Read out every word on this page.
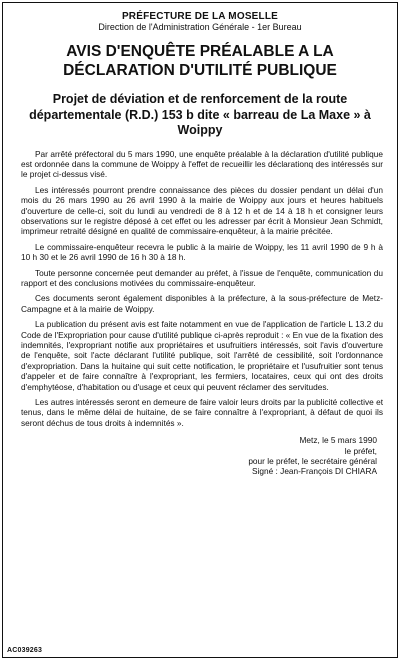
PRÉFECTURE DE LA MOSELLE
Direction de l'Administration Générale - 1er Bureau
AVIS D'ENQUÊTE PRÉALABLE A LA DÉCLARATION D'UTILITÉ PUBLIQUE
Projet de déviation et de renforcement de la route départementale (R.D.) 153 b dite « barreau de La Maxe » à Woippy

Par arrêté préfectoral du 5 mars 1990, une enquête préalable à la déclaration d'utilité publique est ordonnée dans la commune de Woippy à l'effet de recueillir les déclarationq des intéressés sur le projet ci-dessus visé.

Les intéressés pourront prendre connaissance des pièces du dossier pendant un délai d'un mois du 26 mars 1990 au 26 avril 1990 à la mairie de Woippy aux jours et heures habituels d'ouverture de celle-ci, soit du lundi au vendredi de 8 à 12 h et de 14 à 18 h et consigner leurs observations sur le registre déposé à cet effet ou les adresser par écrit à Monsieur Jean Schmidt, imprimeur retraité désigné en qualité de commissaire-enquêteur, à la mairie précitée.

Le commissaire-enquêteur recevra le public à la mairie de Woippy, les 11 avril 1990 de 9 h à 10 h 30 et le 26 avril 1990 de 16 h 30 à 18 h.

Toute personne concernée peut demander au préfet, à l'issue de l'enquête, communication du rapport et des conclusions motivées du commissaire-enquêteur.

Ces documents seront également disponibles à la préfecture, à la sous-préfecture de Metz-Campagne et à la mairie de Woippy.

La publication du présent avis est faite notamment en vue de l'application de l'article L 13.2 du Code de l'Expropriation pour cause d'utilité publique ci-après reproduit : « En vue de la fixation des indemnités, l'expropriant notifie aux propriétaires et usufruitiers intéressés, soit l'avis d'ouverture de l'enquête, soit l'acte déclarant l'utilité publique, soit l'arrêté de cessibilité, soit l'ordonnance d'expropriation. Dans la huitaine qui suit cette notification, le propriétaire et l'usufruitier sont tenus d'appeler et de faire connaître à l'expropriant, les fermiers, locataires, ceux qui ont des droits d'emphytéose, d'habitation ou d'usage et ceux qui peuvent réclamer des servitudes.

Les autres intéressés seront en demeure de faire valoir leurs droits par la publicité collective et tenus, dans le même délai de huitaine, de se faire connaître à l'expropriant, à défaut de quoi ils seront déchus de tous droits à indemnités ».

Metz, le 5 mars 1990
le préfet,
pour le préfet, le secrétaire général
Signé : Jean-François DI CHIARA
AC039263
